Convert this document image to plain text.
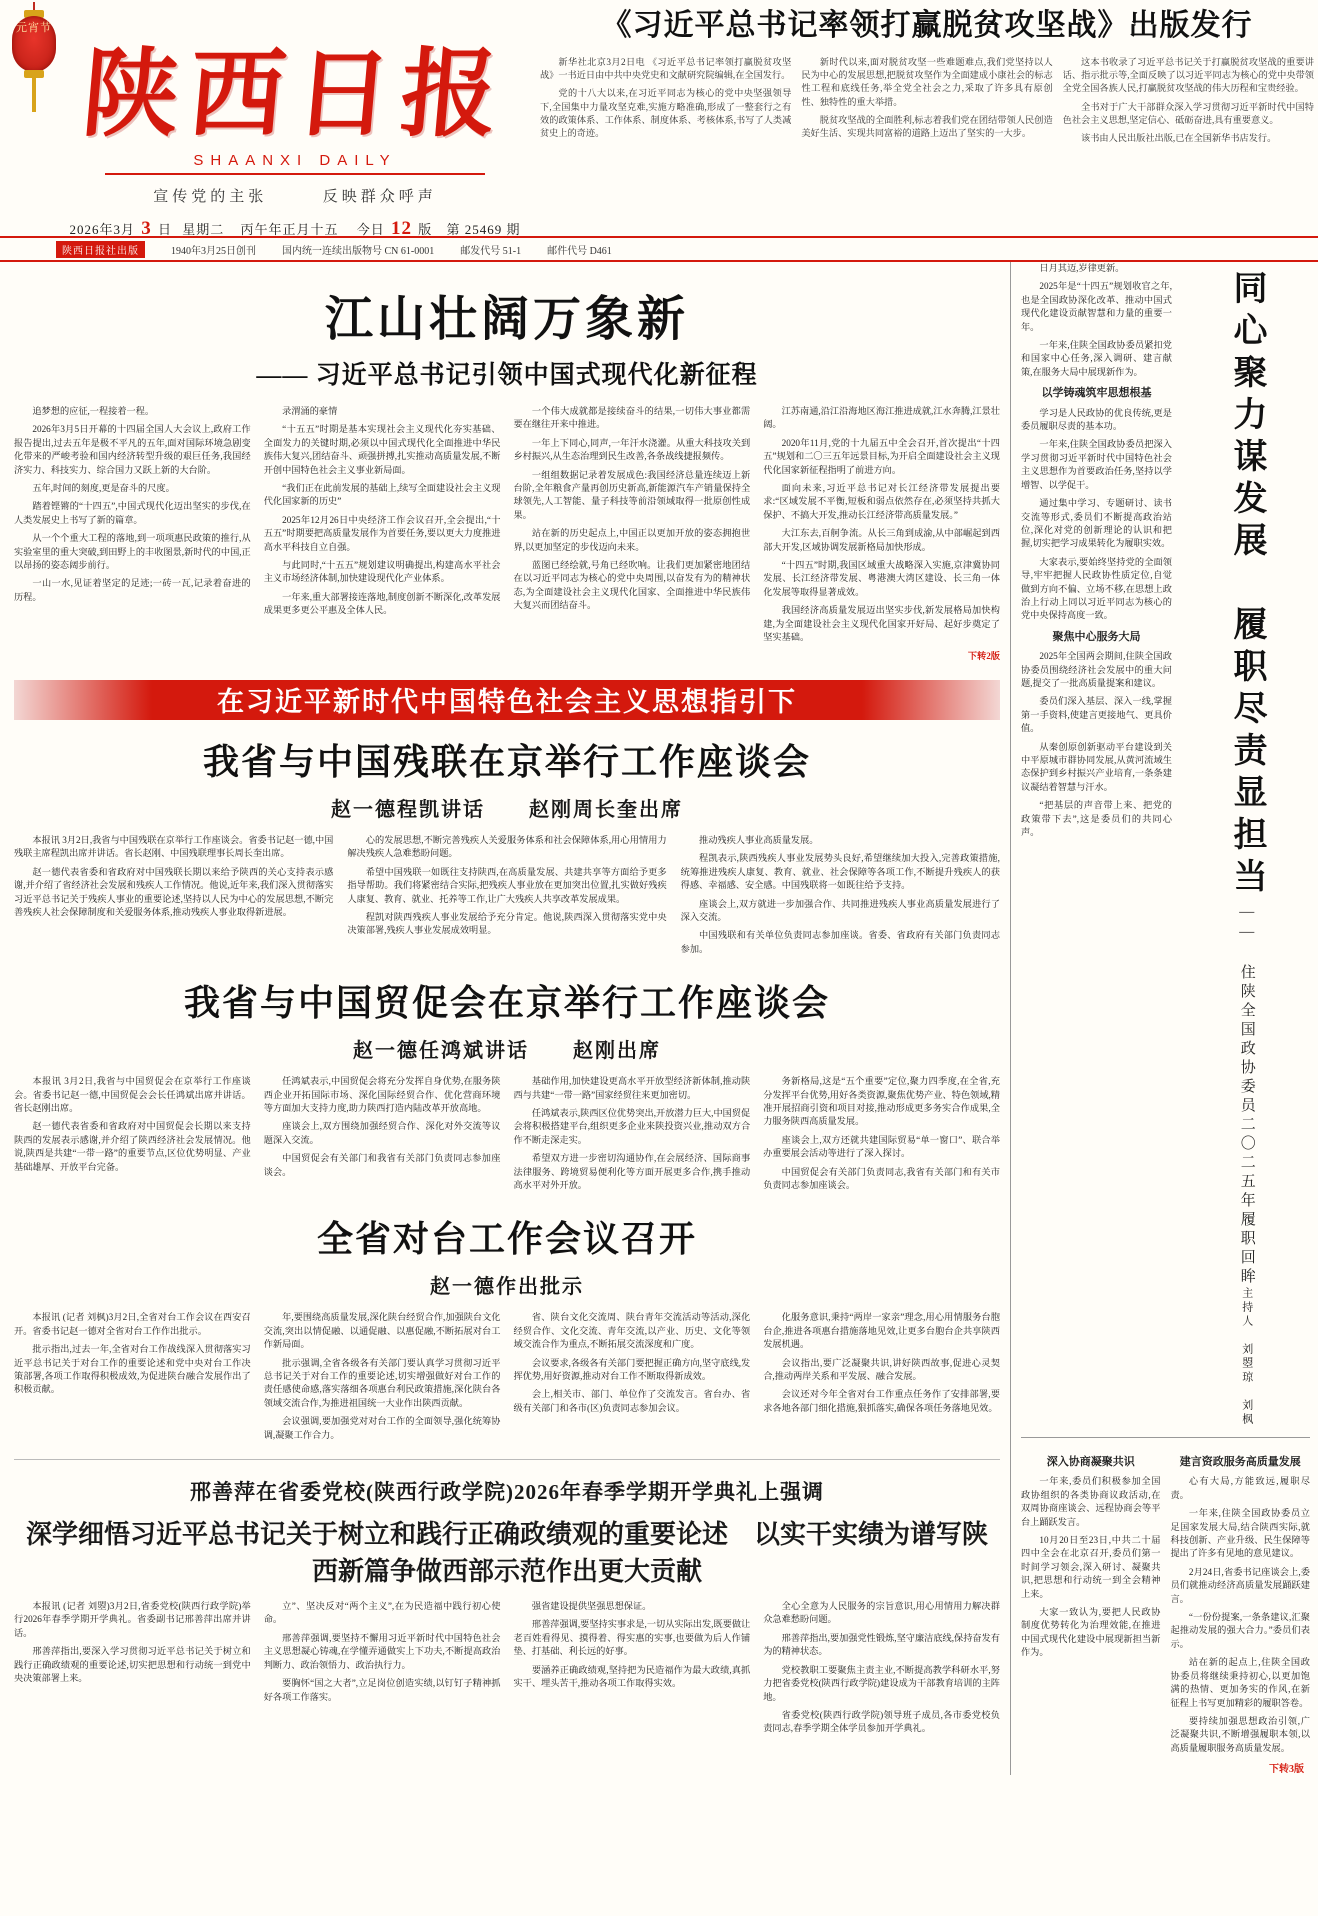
元宵节
陕西日报
SHAANXI DAILY
宣传党的主张	反映群众呼声
2026年3月 3 日 星期二 丙午年正月十五 今日 12 版 第 25469 期
《习近平总书记率领打赢脱贫攻坚战》出版发行

新华社北京3月2日电 《习近平总书记率领打赢脱贫攻坚战》一书近日由中共中央党史和文献研究院编辑,在全国发行。

党的十八大以来,在习近平同志为核心的党中央坚强领导下,全国集中力量攻坚克难,实施方略准确,形成了一整套行之有效的政策体系、工作体系、制度体系、考核体系,书写了人类减贫史上的奇迹。

新时代以来,面对脱贫攻坚一些难题难点,我们党坚持以人民为中心的发展思想,把脱贫攻坚作为全面建成小康社会的标志性工程和底线任务,举全党全社会之力,采取了许多具有原创性、独特性的重大举措。

脱贫攻坚战的全面胜利,标志着我们党在团结带领人民创造美好生活、实现共同富裕的道路上迈出了坚实的一大步。

这本书收录了习近平总书记关于打赢脱贫攻坚战的重要讲话、指示批示等,全面反映了以习近平同志为核心的党中央带领全党全国各族人民,打赢脱贫攻坚战的伟大历程和宝贵经验。

全书对于广大干部群众深入学习贯彻习近平新时代中国特色社会主义思想,坚定信心、砥砺奋进,具有重要意义。

该书由人民出版社出版,已在全国新华书店发行。

陕西日报社出版	1940年3月25日创刊	国内统一连续出版物号 CN 61-0001	邮发代号 51-1	邮件代号 D461
江山壮阔万象新
—— 习近平总书记引领中国式现代化新征程

追梦想的应征,一程接着一程。

2026年3月5日开幕的十四届全国人大会议上,政府工作报告提出,过去五年是极不平凡的五年,面对国际环境急剧变化带来的严峻考验和国内经济转型升级的艰巨任务,我国经济实力、科技实力、综合国力又跃上新的大台阶。

五年,时间的刻度,更是奋斗的尺度。

踏着铿锵的“十四五”,中国式现代化迈出坚实的步伐,在人类发展史上书写了新的篇章。

从一个个重大工程的落地,到一项项惠民政策的推行,从实验室里的重大突破,到田野上的丰收图景,新时代的中国,正以昂扬的姿态阔步前行。

一山一水,见证着坚定的足迹;一砖一瓦,记录着奋进的历程。

录渭涌的豪情

“十五五”时期是基本实现社会主义现代化夯实基础、全面发力的关键时期,必须以中国式现代化全面推进中华民族伟大复兴,团结奋斗、顽强拼搏,扎实推动高质量发展,不断开创中国特色社会主义事业新局面。

“我们正在此前发展的基础上,续写全面建设社会主义现代化国家新的历史”

2025年12月26日中央经济工作会议召开,全会提出,“十五五”时期要把高质量发展作为首要任务,要以更大力度推进高水平科技自立自强。

与此同时,“十五五”规划建议明确提出,构建高水平社会主义市场经济体制,加快建设现代化产业体系。

一年来,重大部署接连落地,制度创新不断深化,改革发展成果更多更公平惠及全体人民。

一个伟大成就都是接续奋斗的结果,一切伟大事业都需要在继往开来中推进。

一年上下同心,同声,一年汗水浇灌。从重大科技攻关到乡村振兴,从生态治理到民生改善,各条战线捷报频传。

一组组数据记录着发展成色:我国经济总量连续迈上新台阶,全年粮食产量再创历史新高,新能源汽车产销量保持全球领先,人工智能、量子科技等前沿领域取得一批原创性成果。

站在新的历史起点上,中国正以更加开放的姿态拥抱世界,以更加坚定的步伐迈向未来。

蓝图已经绘就,号角已经吹响。让我们更加紧密地团结在以习近平同志为核心的党中央周围,以奋发有为的精神状态,为全面建设社会主义现代化国家、全面推进中华民族伟大复兴而团结奋斗。

江苏南通,沿江沿海地区海江推进成就,江水奔腾,江景壮阔。

2020年11月,党的十九届五中全会召开,首次提出“十四五”规划和二〇三五年远景目标,为开启全面建设社会主义现代化国家新征程指明了前进方向。

面向未来,习近平总书记对长江经济带发展提出要求:“区域发展不平衡,短板和弱点依然存在,必须坚持共抓大保护、不搞大开发,推动长江经济带高质量发展。”

大江东去,百舸争流。从长三角到成渝,从中部崛起到西部大开发,区域协调发展新格局加快形成。

“十四五”时期,我国区域重大战略深入实施,京津冀协同发展、长江经济带发展、粤港澳大湾区建设、长三角一体化发展等取得显著成效。

我国经济高质量发展迈出坚实步伐,新发展格局加快构建,为全面建设社会主义现代化国家开好局、起好步奠定了坚实基础。

下转2版

在习近平新时代中国特色社会主义思想指引下
我省与中国残联在京举行工作座谈会
赵一德程凯讲话 赵刚周长奎出席

本报讯 3月2日,我省与中国残联在京举行工作座谈会。省委书记赵一德,中国残联主席程凯出席并讲话。省长赵刚、中国残联理事长周长奎出席。

赵一德代表省委和省政府对中国残联长期以来给予陕西的关心支持表示感谢,并介绍了省经济社会发展和残疾人工作情况。他说,近年来,我们深入贯彻落实习近平总书记关于残疾人事业的重要论述,坚持以人民为中心的发展思想,不断完善残疾人社会保障制度和关爱服务体系,推动残疾人事业取得新进展。

心的发展思想,不断完善残疾人关爱服务体系和社会保障体系,用心用情用力解决残疾人急难愁盼问题。

希望中国残联一如既往支持陕西,在高质量发展、共建共享等方面给予更多指导帮助。我们将紧密结合实际,把残疾人事业放在更加突出位置,扎实做好残疾人康复、教育、就业、托养等工作,让广大残疾人共享改革发展成果。

程凯对陕西残疾人事业发展给予充分肯定。他说,陕西深入贯彻落实党中央决策部署,残疾人事业发展成效明显。

推动残疾人事业高质量发展。

程凯表示,陕西残疾人事业发展势头良好,希望继续加大投入,完善政策措施,统筹推进残疾人康复、教育、就业、社会保障等各项工作,不断提升残疾人的获得感、幸福感、安全感。中国残联将一如既往给予支持。

座谈会上,双方就进一步加强合作、共同推进残疾人事业高质量发展进行了深入交流。

中国残联和有关单位负责同志参加座谈。省委、省政府有关部门负责同志参加。

我省与中国贸促会在京举行工作座谈会
赵一德任鸿斌讲话　　赵刚出席

本报讯 3月2日,我省与中国贸促会在京举行工作座谈会。省委书记赵一德,中国贸促会会长任鸿斌出席并讲话。省长赵刚出席。

赵一德代表省委和省政府对中国贸促会长期以来支持陕西的发展表示感谢,并介绍了陕西经济社会发展情况。他说,陕西是共建“一带一路”的重要节点,区位优势明显、产业基础雄厚、开放平台完备。

任鸿斌表示,中国贸促会将充分发挥自身优势,在服务陕西企业开拓国际市场、深化国际经贸合作、优化营商环境等方面加大支持力度,助力陕西打造内陆改革开放高地。

座谈会上,双方围绕加强经贸合作、深化对外交流等议题深入交流。

中国贸促会有关部门和我省有关部门负责同志参加座谈会。

基础作用,加快建设更高水平开放型经济新体制,推动陕西与共建“一带一路”国家经贸往来更加密切。

任鸿斌表示,陕西区位优势突出,开放潜力巨大,中国贸促会将积极搭建平台,组织更多企业来陕投资兴业,推动双方合作不断走深走实。

希望双方进一步密切沟通协作,在会展经济、国际商事法律服务、跨境贸易便利化等方面开展更多合作,携手推动高水平对外开放。

务新格局,这是“五个重要”定位,聚力四季度,在全省,充分发挥平台优势,用好各类资源,聚焦优势产业、特色领域,精准开展招商引资和项目对接,推动形成更多务实合作成果,全力服务陕西高质量发展。

座谈会上,双方还就共建国际贸易“单一窗口”、联合举办重要展会活动等进行了深入探讨。

中国贸促会有关部门负责同志,我省有关部门和有关市负责同志参加座谈会。

全省对台工作会议召开
赵一德作出批示

本报讯 (记者 刘枫)3月2日,全省对台工作会议在西安召开。省委书记赵一德对全省对台工作作出批示。

批示指出,过去一年,全省对台工作战线深入贯彻落实习近平总书记关于对台工作的重要论述和党中央对台工作决策部署,各项工作取得积极成效,为促进陕台融合发展作出了积极贡献。

年,要围绕高质量发展,深化陕台经贸合作,加强陕台文化交流,突出以情促融、以通促融、以惠促融,不断拓展对台工作新局面。

批示强调,全省各级各有关部门要认真学习贯彻习近平总书记关于对台工作的重要论述,切实增强做好对台工作的责任感使命感,落实落细各项惠台利民政策措施,深化陕台各领域交流合作,为推进祖国统一大业作出陕西贡献。

会议强调,要加强党对对台工作的全面领导,强化统筹协调,凝聚工作合力。

省、陕台文化交流周、陕台青年交流活动等活动,深化经贸合作、文化交流、青年交流,以产业、历史、文化等领域交流合作为重点,不断拓展交流深度和广度。

会议要求,各级各有关部门要把握正确方向,坚守底线,发挥优势,用好资源,推动对台工作不断取得新成效。

会上,相关市、部门、单位作了交流发言。省台办、省级有关部门和各市(区)负责同志参加会议。

化服务意识,秉持“两岸一家亲”理念,用心用情服务台胞台企,推进各项惠台措施落地见效,让更多台胞台企共享陕西发展机遇。

会议指出,要广泛凝聚共识,讲好陕西故事,促进心灵契合,推动两岸关系和平发展、融合发展。

会议还对今年全省对台工作重点任务作了安排部署,要求各地各部门细化措施,狠抓落实,确保各项任务落地见效。

邢善萍在省委党校(陕西行政学院)2026年春季学期开学典礼上强调
深学细悟习近平总书记关于树立和践行正确政绩观的重要论述　以实干实绩为谱写陕西新篇争做西部示范作出更大贡献

本报讯 (记者 刘曌)3月2日,省委党校(陕西行政学院)举行2026年春季学期开学典礼。省委副书记邢善萍出席并讲话。

邢善萍指出,要深入学习贯彻习近平总书记关于树立和践行正确政绩观的重要论述,切实把思想和行动统一到党中央决策部署上来。

立”、坚决反对“两个主义”,在为民造福中践行初心使命。

邢善萍强调,要坚持不懈用习近平新时代中国特色社会主义思想凝心铸魂,在学懂弄通做实上下功夫,不断提高政治判断力、政治领悟力、政治执行力。

要胸怀“国之大者”,立足岗位创造实绩,以钉钉子精神抓好各项工作落实。

强省建设提供坚强思想保证。

邢善萍强调,要坚持实事求是,一切从实际出发,既要做让老百姓看得见、摸得着、得实惠的实事,也要做为后人作铺垫、打基础、利长远的好事。

要涵养正确政绩观,坚持把为民造福作为最大政绩,真抓实干、埋头苦干,推动各项工作取得实效。

全心全意为人民服务的宗旨意识,用心用情用力解决群众急难愁盼问题。

邢善萍指出,要加强党性锻炼,坚守廉洁底线,保持奋发有为的精神状态。

党校教职工要聚焦主责主业,不断提高教学科研水平,努力把省委党校(陕西行政学院)建设成为干部教育培训的主阵地。

省委党校(陕西行政学院)领导班子成员,各市委党校负责同志,春季学期全体学员参加开学典礼。

日月其迈,岁律更新。

2025年是“十四五”规划收官之年,也是全国政协深化改革、推动中国式现代化建设贡献智慧和力量的重要一年。

一年来,住陕全国政协委员紧扣党和国家中心任务,深入调研、建言献策,在服务大局中展现新作为。

以学铸魂筑牢思想根基

学习是人民政协的优良传统,更是委员履职尽责的基本功。

一年来,住陕全国政协委员把深入学习贯彻习近平新时代中国特色社会主义思想作为首要政治任务,坚持以学增智、以学促干。

通过集中学习、专题研讨、读书交流等形式,委员们不断提高政治站位,深化对党的创新理论的认识和把握,切实把学习成果转化为履职实效。

大家表示,要始终坚持党的全面领导,牢牢把握人民政协性质定位,自觉做到方向不偏、立场不移,在思想上政治上行动上同以习近平同志为核心的党中央保持高度一致。

聚焦中心服务大局

2025年全国两会期间,住陕全国政协委员围绕经济社会发展中的重大问题,提交了一批高质量提案和建议。

委员们深入基层、深入一线,掌握第一手资料,使建言更接地气、更具价值。

从秦创原创新驱动平台建设到关中平原城市群协同发展,从黄河流域生态保护到乡村振兴产业培育,一条条建议凝结着智慧与汗水。

“把基层的声音带上来、把党的政策带下去”,这是委员们的共同心声。	同心聚力谋发展　履职尽责显担当
—— 住陕全国政协委员二〇二五年履职回眸
主持人　刘曌琼　刘枫

深入协商凝聚共识

一年来,委员们积极参加全国政协组织的各类协商议政活动,在双周协商座谈会、远程协商会等平台上踊跃发言。

10月20日至23日,中共二十届四中全会在北京召开,委员们第一时间学习领会,深入研讨、凝聚共识,把思想和行动统一到全会精神上来。

大家一致认为,要把人民政协制度优势转化为治理效能,在推进中国式现代化建设中展现新担当新作为。

建言资政服务高质量发展

心有大局,方能致远,履职尽责。

一年来,住陕全国政协委员立足国家发展大局,结合陕西实际,就科技创新、产业升级、民生保障等提出了许多有见地的意见建议。

2月24日,省委书记座谈会上,委员们就推动经济高质量发展踊跃建言。

“一份份提案,一条条建议,汇聚起推动发展的强大合力。”委员们表示。

站在新的起点上,住陕全国政协委员将继续秉持初心,以更加饱满的热情、更加务实的作风,在新征程上书写更加精彩的履职答卷。

要持续加强思想政治引领,广泛凝聚共识,不断增强履职本领,以高质量履职服务高质量发展。

下转3版
